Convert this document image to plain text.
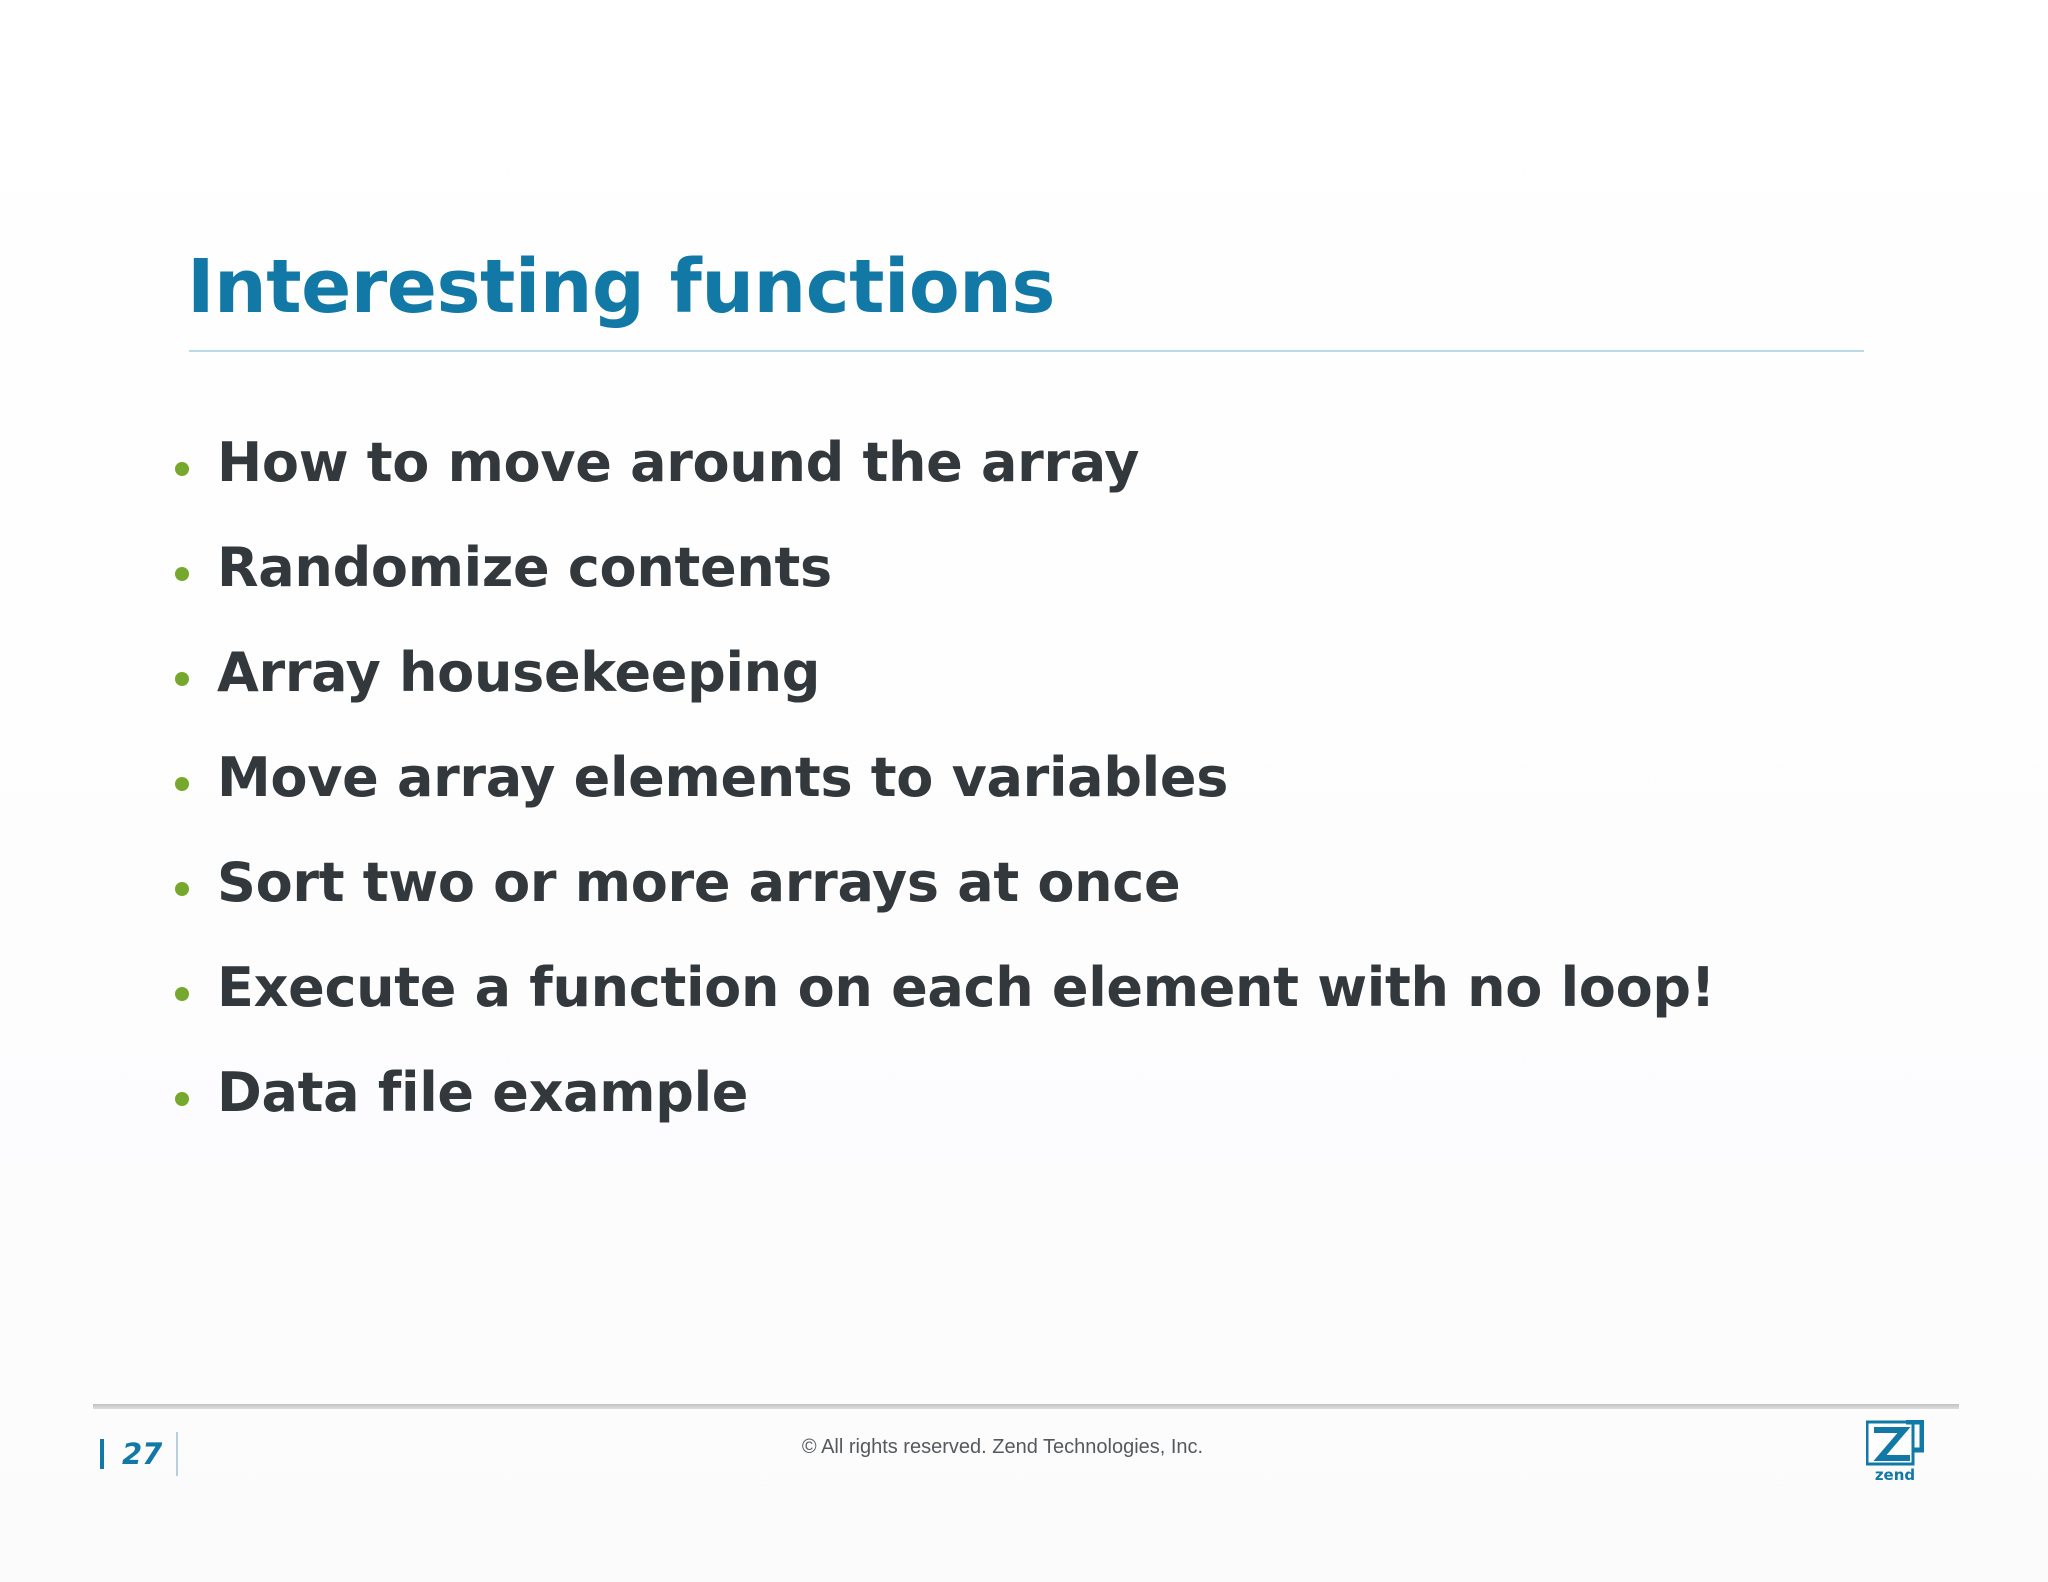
Interesting functions
How to move around the array
Randomize contents
Array housekeeping
Move array elements to variables
Sort two or more arrays at once
Execute a function on each element with no loop!
Data file example
27	© All rights reserved. Zend Technologies, Inc.
zend
